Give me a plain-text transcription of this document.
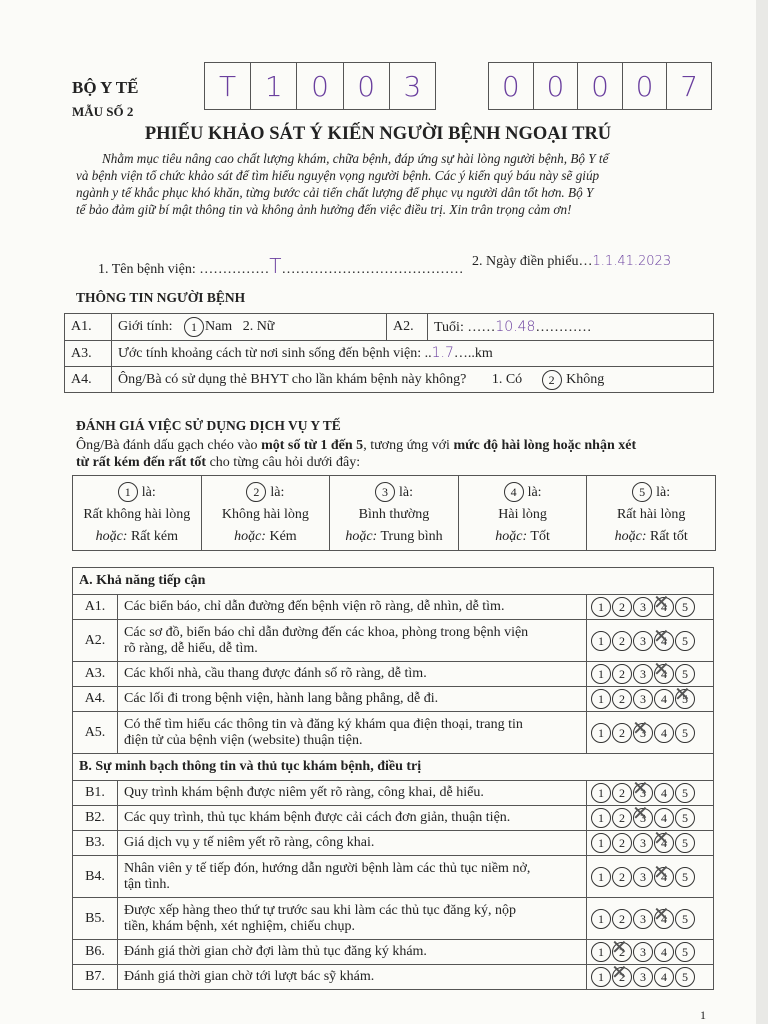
BỘ Y TẾ
MẪU SỐ 2
T	1	0	0	3	0 0 0 0 7
PHIẾU KHẢO SÁT Ý KIẾN NGƯỜI BỆNH NGOẠI TRÚ
Nhằm mục tiêu nâng cao chất lượng khám, chữa bệnh, đáp ứng sự hài lòng người bệnh, Bộ Y tế
và bệnh viện tổ chức khảo sát để tìm hiểu nguyện vọng người bệnh. Các ý kiến quý báu này sẽ giúp
ngành y tế khắc phục khó khăn, từng bước cải tiến chất lượng để phục vụ người dân tốt hơn. Bộ Y
tế bảo đảm giữ bí mật thông tin và không ảnh hưởng đến việc điều trị. Xin trân trọng cảm ơn!
1. Tên bệnh viện: ……………T…………………………………
2. Ngày điền phiếu…1.1.41.2023
THÔNG TIN NGƯỜI BỆNH
A1.	Giới tính: 1 Nam 2. Nữ	A2.	Tuổi: ……10.48…………
A3.	Ước tính khoảng cách từ nơi sinh sống đến bệnh viện: ..1.7…..km		
A4.	Ông/Bà có sử dụng thẻ BHYT cho lần khám bệnh này không? 1. Có 2 Không		
ĐÁNH GIÁ VIỆC SỬ DỤNG DỊCH VỤ Y TẾ
Ông/Bà đánh dấu gạch chéo vào một số từ 1 đến 5, tương ứng với mức độ hài lòng hoặc nhận xét
từ rất kém đến rất tốt cho từng câu hỏi dưới đây:
1 là:
Rất không hài lòng
hoặc: Rất kém
2 là:
Không hài lòng
hoặc: Kém
3 là:
Bình thường
hoặc: Trung bình
4 là:
Hài lòng
hoặc: Tốt
5 là:
Rất hài lòng
hoặc: Rất tốt
A. Khả năng tiếp cận		
A1.	Các biển báo, chỉ dẫn đường đến bệnh viện rõ ràng, dễ nhìn, dễ tìm.	1 2 3 4 ✕ 5
A2.	Các sơ đồ, biển báo chỉ dẫn đường đến các khoa, phòng trong bệnh viện
rõ ràng, dễ hiểu, dễ tìm.	1 2 3 4 ✕ 5
A3.	Các khối nhà, cầu thang được đánh số rõ ràng, dễ tìm.	1 2 3 4 ✕ 5
A4.	Các lối đi trong bệnh viện, hành lang bằng phẳng, dễ đi.	1 2 3 4 5 ✕
A5.	Có thể tìm hiểu các thông tin và đăng ký khám qua điện thoại, trang tin
điện tử của bệnh viện (website) thuận tiện.	1 2 3 ✕ 4 5
B. Sự minh bạch thông tin và thủ tục khám bệnh, điều trị		
B1.	Quy trình khám bệnh được niêm yết rõ ràng, công khai, dễ hiểu.	1 2 3 ✕ 4 5
B2.	Các quy trình, thủ tục khám bệnh được cải cách đơn giản, thuận tiện.	1 2 3 ✕ 4 5
B3.	Giá dịch vụ y tế niêm yết rõ ràng, công khai.	1 2 3 4 ✕ 5
B4.	Nhân viên y tế tiếp đón, hướng dẫn người bệnh làm các thủ tục niềm nở,
tận tình.	1 2 3 4 ✕ 5
B5.	Được xếp hàng theo thứ tự trước sau khi làm các thủ tục đăng ký, nộp
tiền, khám bệnh, xét nghiệm, chiếu chụp.	1 2 3 4 ✕ 5
B6.	Đánh giá thời gian chờ đợi làm thủ tục đăng ký khám.	1 2 ✕ 3 4 5
B7.	Đánh giá thời gian chờ tới lượt bác sỹ khám.	1 2 ✕ 3 4 5
1
